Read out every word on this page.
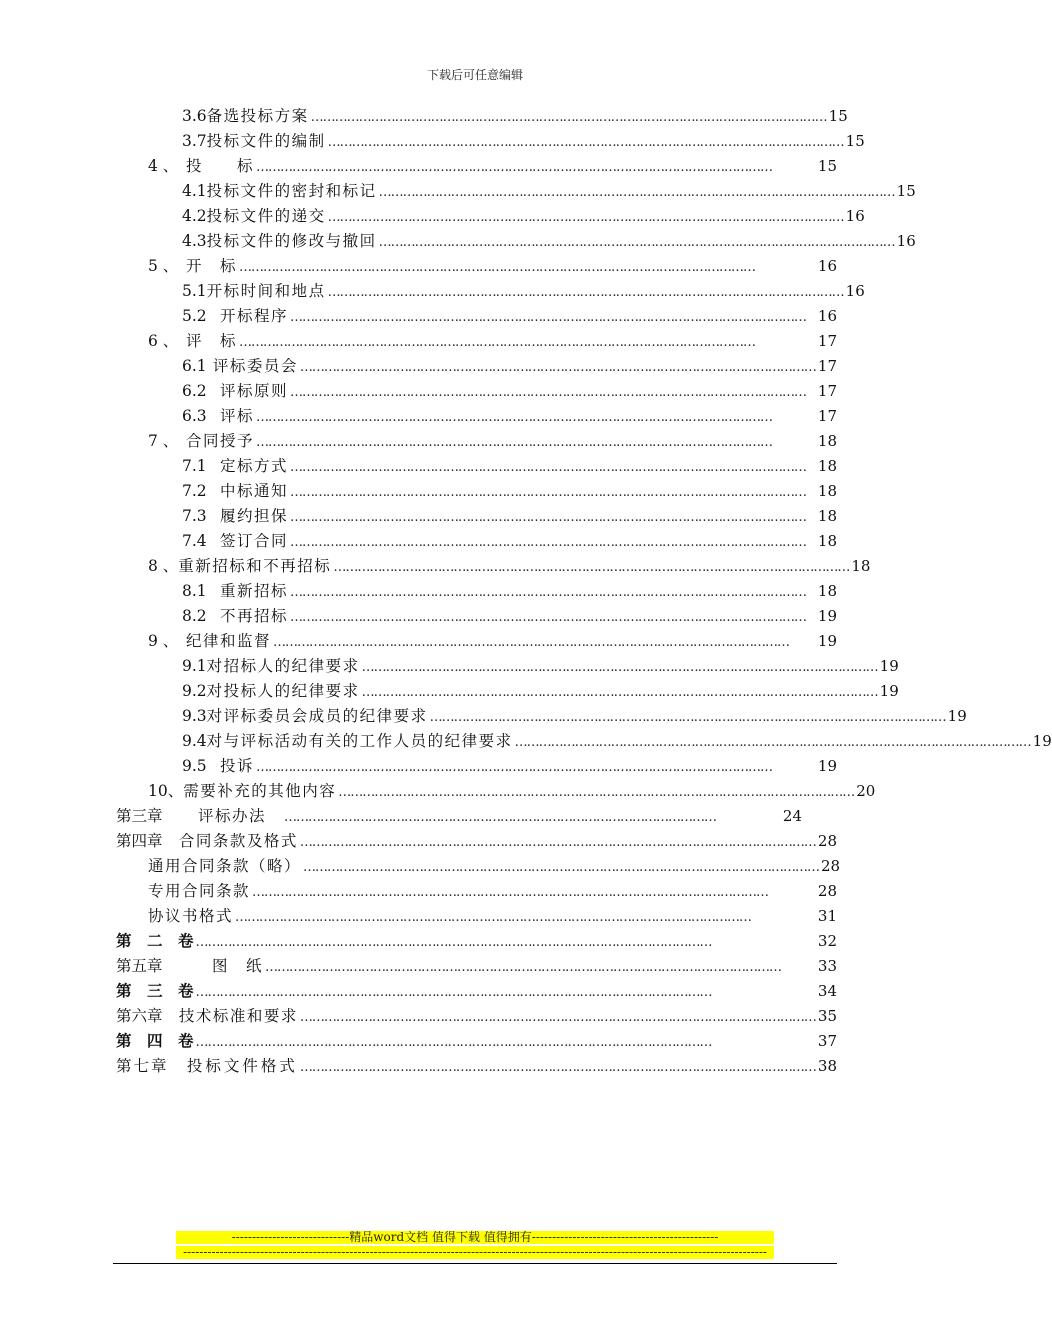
下载后可任意编辑
3.6 备选投标方案 ………………………………………………………………………………………………………………… 15
3.7 投标文件的编制 ………………………………………………………………………………………………………………… 15
4 、 投　　标 …………………………………………………………………………………………………………………	15
4.1 投标文件的密封和标记 ………………………………………………………………………………………………………………… 15
4.2 投标文件的递交 ………………………………………………………………………………………………………………… 16
4.3 投标文件的修改与撤回 ………………………………………………………………………………………………………………… 16
5 、 开　标 …………………………………………………………………………………………………………………	16
5.1 开标时间和地点 ………………………………………………………………………………………………………………… 16
5.2 开标程序 ………………………………………………………………………………………………………………… 16
6 、 评　标 …………………………………………………………………………………………………………………	17
6.1 评标委员会 ………………………………………………………………………………………………………………… 17
6.2 评标原则 ………………………………………………………………………………………………………………… 17
6.3 评标 …………………………………………………………………………………………………………………	17
7 、 合同授予 …………………………………………………………………………………………………………………	18
7.1 定标方式 ………………………………………………………………………………………………………………… 18
7.2 中标通知 ………………………………………………………………………………………………………………… 18
7.3 履约担保 ………………………………………………………………………………………………………………… 18
7.4 签订合同 ………………………………………………………………………………………………………………… 18
8 、 重新招标和不再招标 ………………………………………………………………………………………………………………… 18
8.1 重新招标 ………………………………………………………………………………………………………………… 18
8.2 不再招标 ………………………………………………………………………………………………………………… 19
9 、 纪律和监督 …………………………………………………………………………………………………………………	19
9.1 对招标人的纪律要求 ………………………………………………………………………………………………………………… 19
9.2 对投标人的纪律要求 ………………………………………………………………………………………………………………… 19
9.3 对评标委员会成员的纪律要求 ………………………………………………………………………………………………………………… 19
9.4 对与评标活动有关的工作人员的纪律要求 ………………………………………………………………………………………………………………… 19
9.5 投诉 …………………………………………………………………………………………………………………	19
10、 需要补充的其他内容 ………………………………………………………………………………………………………………… 20
第三章	评标办法	………………………………………………………………………………………………	24
第四章	合同条款及格式 ………………………………………………………………………………………………………………… 28
通用合同条款（略） ………………………………………………………………………………………………………………… 28
专用合同条款 …………………………………………………………………………………………………………………	28
协议书格式 …………………………………………………………………………………………………………………	31
第　二　卷 …………………………………………………………………………………………………………………	32
第五章	图　纸 …………………………………………………………………………………………………………………	33
第　三　卷 …………………………………………………………………………………………………………………	34
第六章	技术标准和要求 ………………………………………………………………………………………………………………… 35
第　四　卷 …………………………………………………………………………………………………………………	37
第七章	投标文件格式 ………………………………………………………………………………………………………………… 38
-----------------------------精品word文档 值得下载 值得拥有----------------------------------------------
------------------------------------------------------------------------------------------------------------------------------------------------
